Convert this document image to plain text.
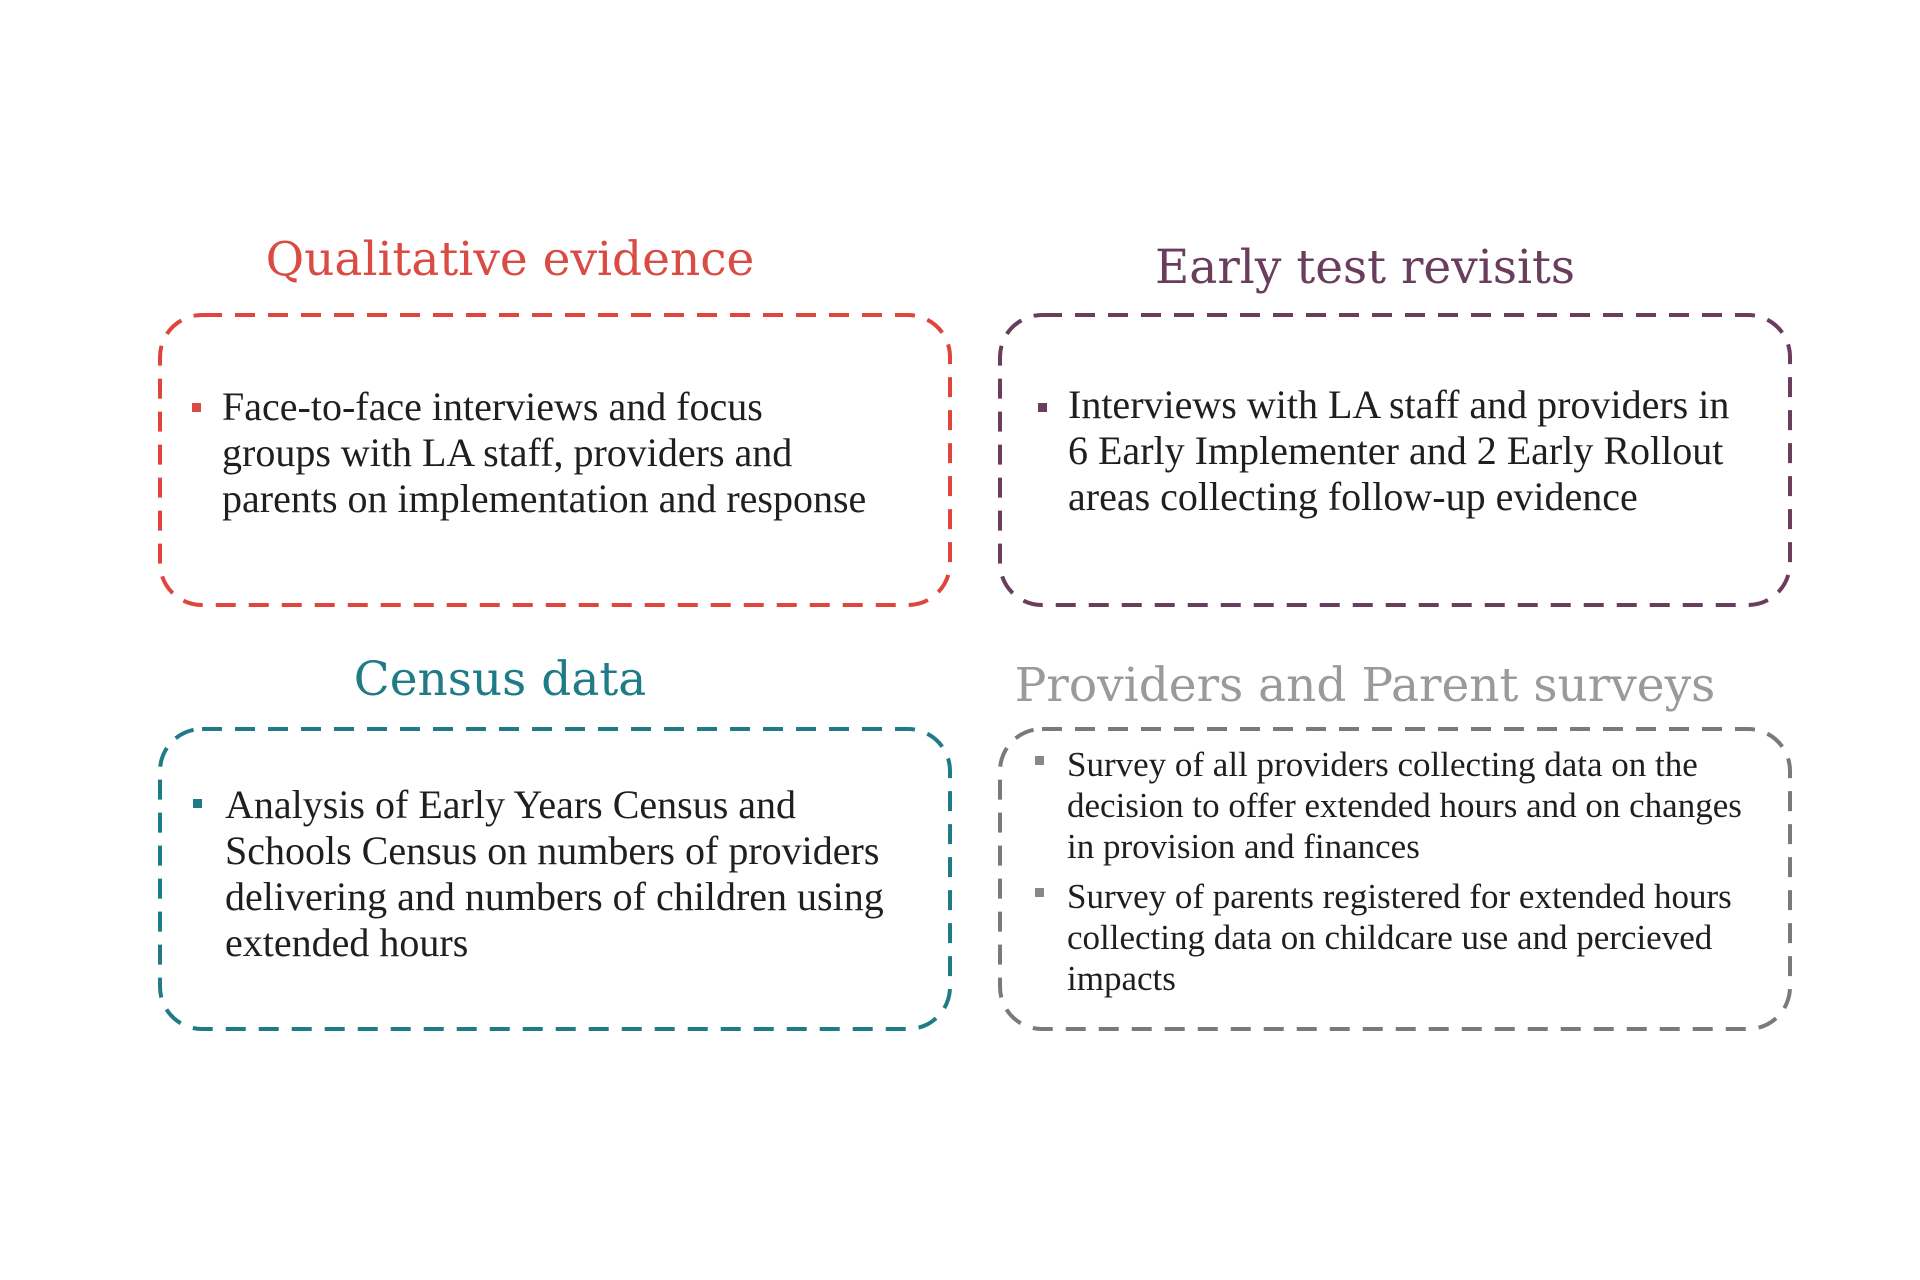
Qualitative evidence
Face-to-face interviews and focus groups with LA staff, providers and parents on implementation and response
Early test revisits
Interviews with LA staff and providers in 6 Early Implementer and 2 Early Rollout areas collecting follow-up evidence
Census data
Analysis of Early Years Census and Schools Census on numbers of providers delivering and numbers of children using extended hours
Providers and Parent surveys
Survey of all providers collecting data on the decision to offer extended hours and on changes in provision and finances
Survey of parents registered for extended hours collecting data on childcare use and percieved impacts
